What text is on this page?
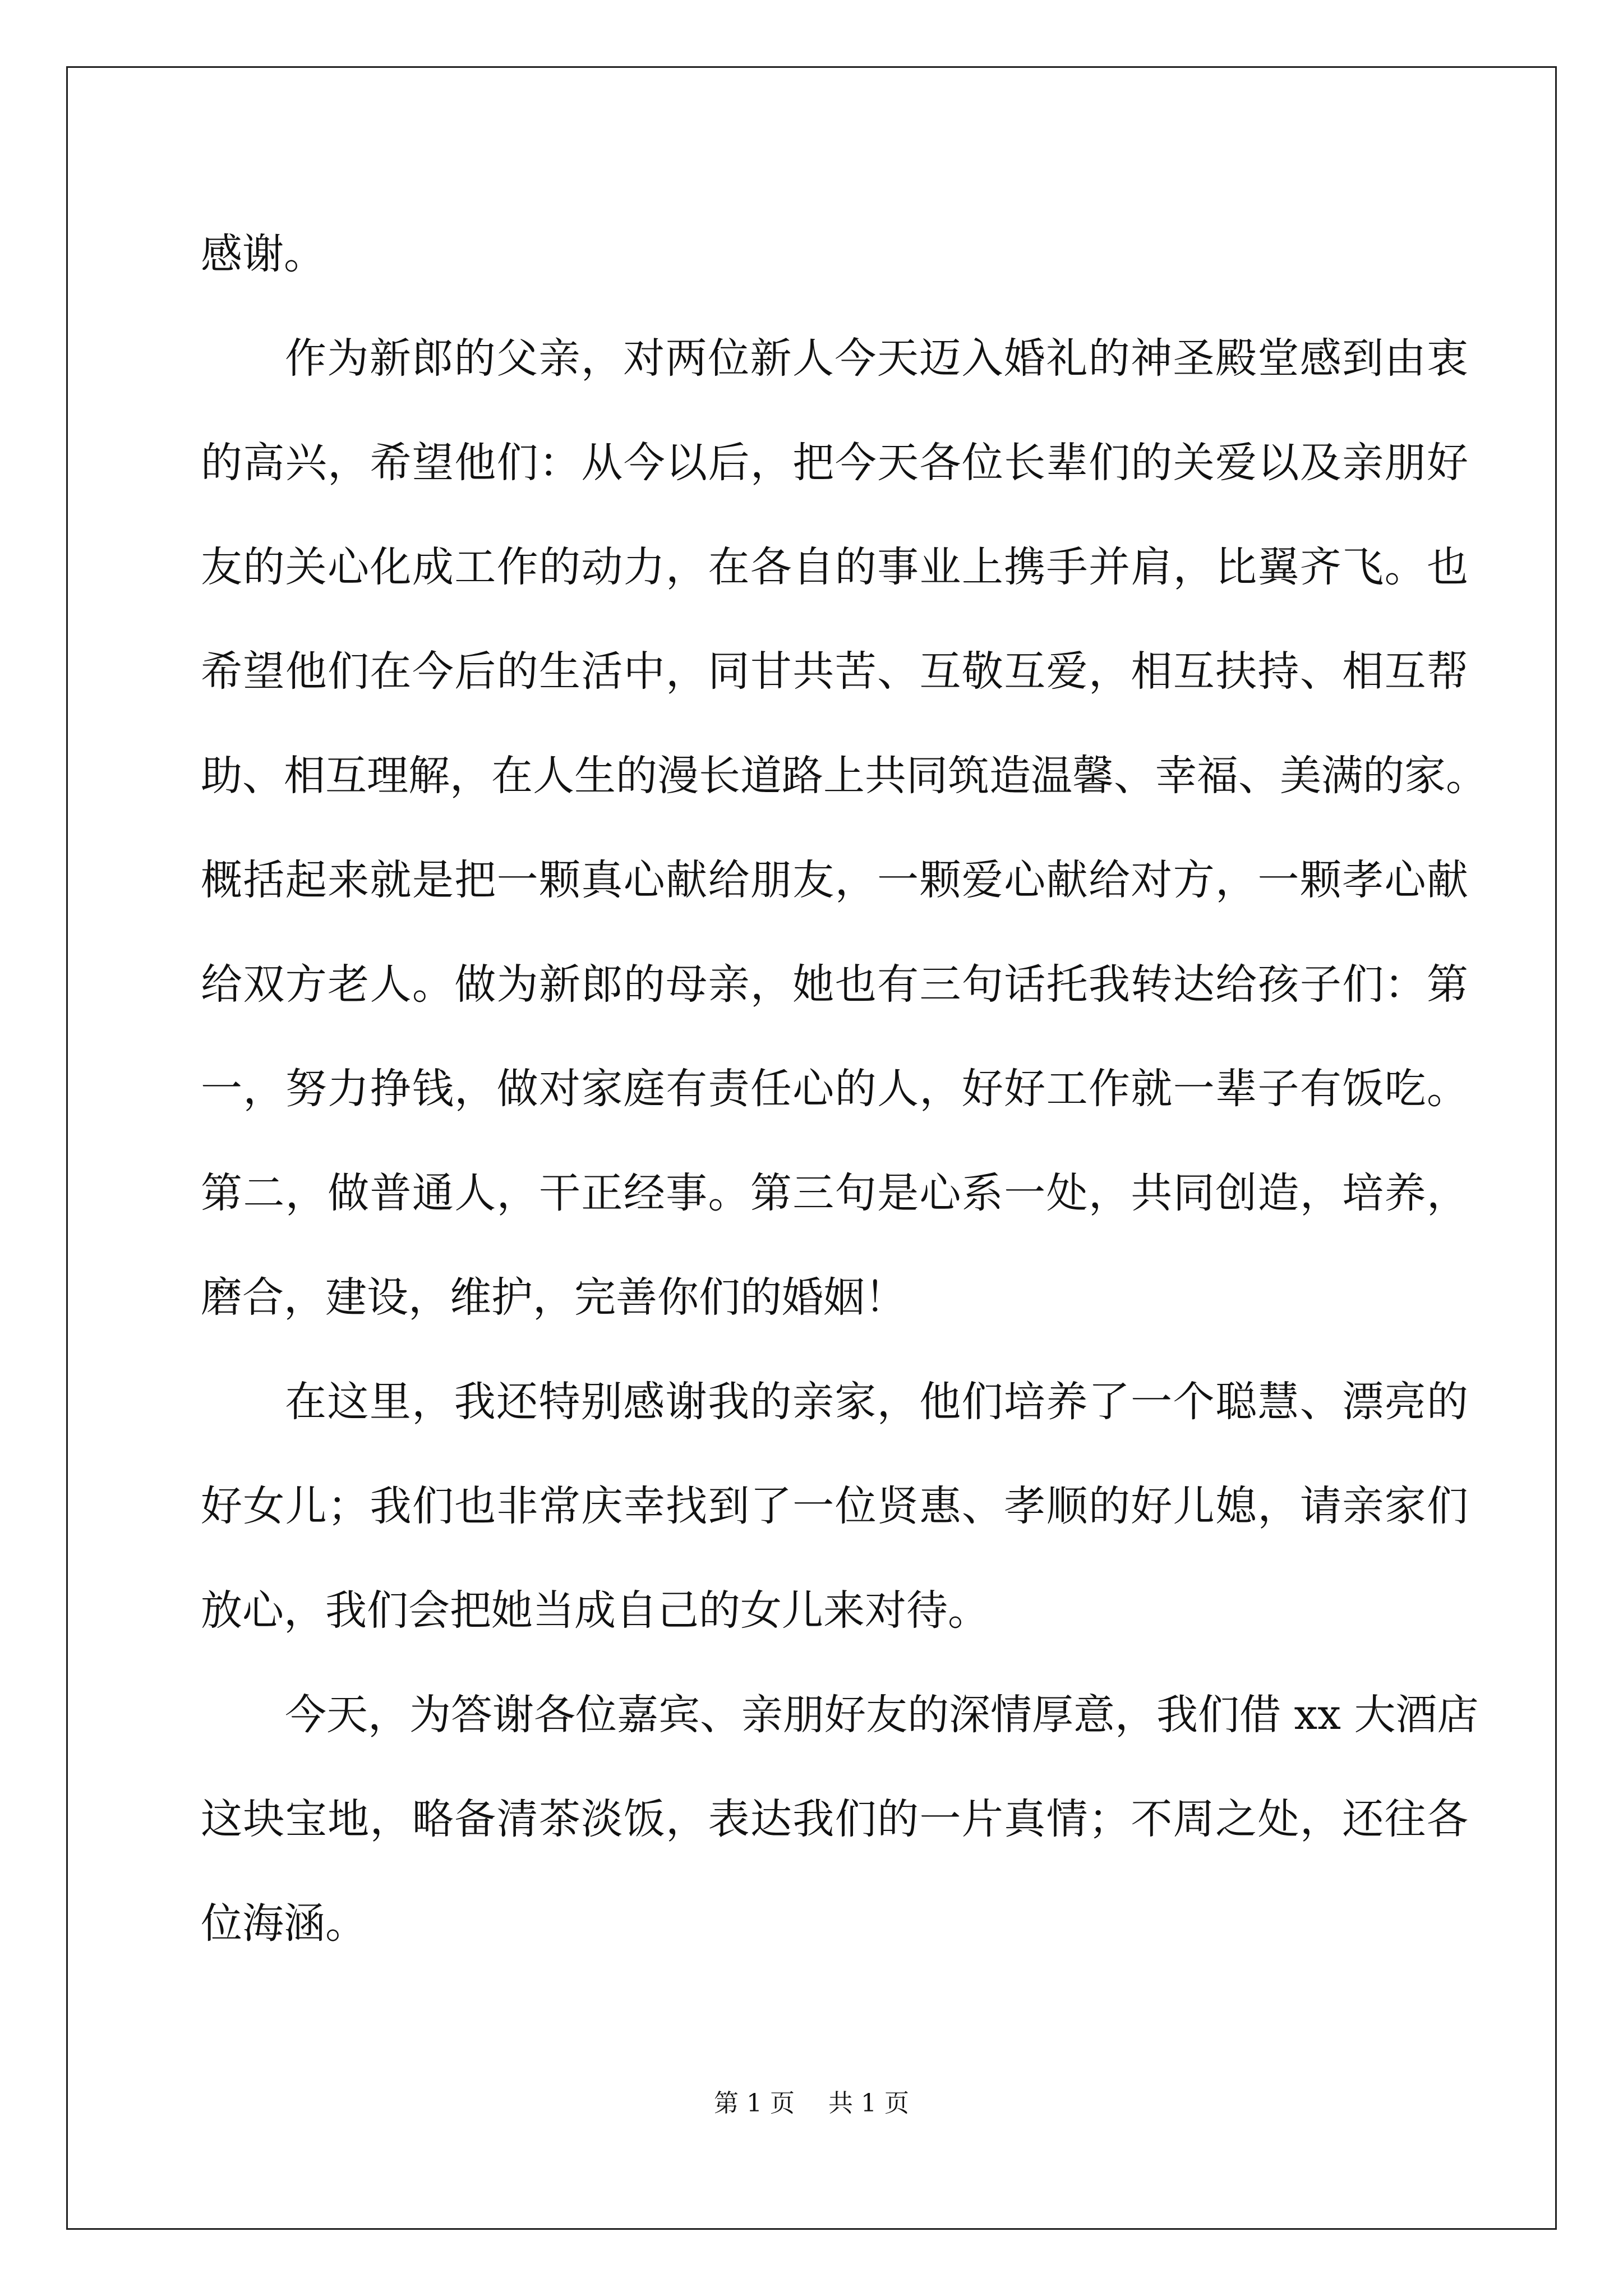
感谢。
作为新郎的父亲，对两位新人今天迈入婚礼的神圣殿堂感到由衷
的高兴，希望他们：从今以后，把今天各位长辈们的关爱以及亲朋好
友的关心化成工作的动力，在各自的事业上携手并肩，比翼齐飞。也
希望他们在今后的生活中，同甘共苦、互敬互爱，相互扶持、相互帮
助、相互理解，在人生的漫长道路上共同筑造温馨、幸福、美满的家。
概括起来就是把一颗真心献给朋友，一颗爱心献给对方，一颗孝心献
给双方老人。做为新郎的母亲，她也有三句话托我转达给孩子们：第
一，努力挣钱，做对家庭有责任心的人，好好工作就一辈子有饭吃。
第二，做普通人，干正经事。第三句是心系一处，共同创造，培养，
磨合，建设，维护，完善你们的婚姻！
在这里，我还特别感谢我的亲家，他们培养了一个聪慧、漂亮的
好女儿；我们也非常庆幸找到了一位贤惠、孝顺的好儿媳，请亲家们
放心，我们会把她当成自己的女儿来对待。
今天，为答谢各位嘉宾、亲朋好友的深情厚意，我们借 xx 大酒店
这块宝地，略备清茶淡饭，表达我们的一片真情；不周之处，还往各
位海涵。
第 1 页 共 1 页
